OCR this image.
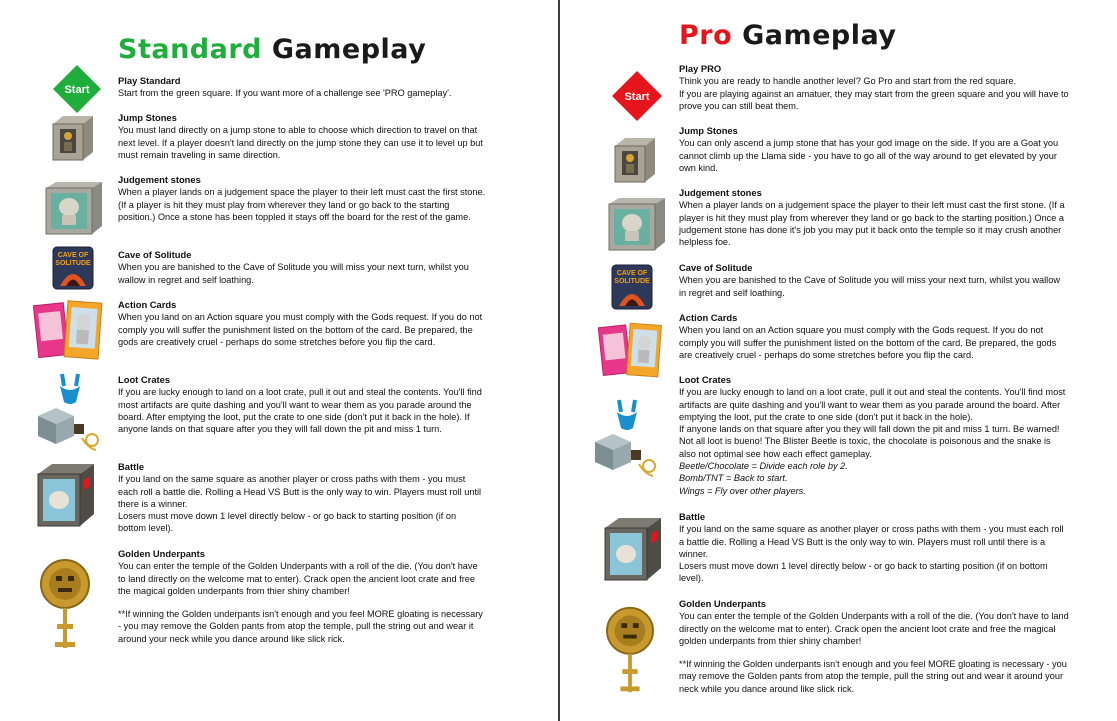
Standard Gameplay
Start
CAVE OF
SOLITUDE
Play Standard

Start from the green square. If you want more of a challenge see 'PRO gameplay'.

Jump Stones

You must land directly on a jump stone to able to choose which direction to travel on that next level. If a player doesn't land directly on the jump stone they can use it to level up but must remain traveling in same direction.

Judgement stones

When a player lands on a judgement space the player to their left must cast the first stone. (If a player is hit they must play from wherever they land or go back to the starting position.) Once a stone has been toppled it stays off the board for the rest of the game.

Cave of Solitude

When you are banished to the Cave of Solitude you will miss your next turn, whilst you wallow in regret and self loathing.

Action Cards

When you land on an Action square you must comply with the Gods request. If you do not comply you will suffer the punishment listed on the bottom of the card. Be prepared, the gods are creatively cruel - perhaps do some stretches before you flip the card.

Loot Crates

If you are lucky enough to land on a loot crate, pull it out and steal the contents. You'll find most artifacts are quite dashing and you'll want to wear them as you parade around the board. After emptying the loot, put the crate to one side (don't put it back in the hole). If anyone lands on that square after you they will fall down the pit and miss 1 turn.

Battle

If you land on the same square as another player or cross paths with them - you must each roll a battle die. Rolling a Head VS Butt is the only way to win. Players must roll until there is a winner.

Losers must move down 1 level directly below - or go back to starting position (if on bottom level).

Golden Underpants

You can enter the temple of the Golden Underpants with a roll of the die. (You don't have to land directly on the welcome mat to enter). Crack open the ancient loot crate and free the magical golden underpants from thier shiny chamber!

**If winning the Golden underpants isn't enough and you feel MORE gloating is necessary - you may remove the Golden pants from atop the temple, pull the string out and wear it around your neck while you dance around like slick rick.

Pro Gameplay
Start
CAVE OF
SOLITUDE
Play PRO

Think you are ready to handle another level? Go Pro and start from the red square.

If you are playing against an amatuer, they may start from the green square and you will have to prove you can still beat them.

Jump Stones

You can only ascend a jump stone that has your god image on the side. If you are a Goat you cannot climb up the Llama side - you have to go all of the way around to get elevated by your own kind.

Judgement stones

When a player lands on a judgement space the player to their left must cast the first stone. (If a player is hit they must play from wherever they land or go back to the starting position.) Once a judgement stone has done it's job you may put it back onto the temple so it may crush another helpless foe.

Cave of Solitude

When you are banished to the Cave of Solitude you will miss your next turn, whilst you wallow in regret and self loathing.

Action Cards

When you land on an Action square you must comply with the Gods request. If you do not comply you will suffer the punishment listed on the bottom of the card. Be prepared, the gods are creatively cruel - perhaps do some stretches before you flip the card.

Loot Crates

If you are lucky enough to land on a loot crate, pull it out and steal the contents. You'll find most artifacts are quite dashing and you'll want to wear them as you parade around the board. After emptying the loot, put the crate to one side (don't put it back in the hole).

If anyone lands on that square after you they will fall down the pit and miss 1 turn. Be warned! Not all loot is bueno! The Blister Beetle is toxic, the chocolate is poisonous and the snake is also not optimal see how each effect gameplay.

Beetle/Chocolate = Divide each role by 2.

Bomb/TNT = Back to start.

Wings = Fly over other players.

Battle

If you land on the same square as another player or cross paths with them - you must each roll a battle die. Rolling a Head VS Butt is the only way to win. Players must roll until there is a winner.

Losers must move down 1 level directly below - or go back to starting position (if on bottom level).

Golden Underpants

You can enter the temple of the Golden Underpants with a roll of the die. (You don't have to land directly on the welcome mat to enter). Crack open the ancient loot crate and free the magical golden underpants from thier shiny chamber!

**If winning the Golden underpants isn't enough and you feel MORE gloating is necessary - you may remove the Golden pants from atop the temple, pull the string out and wear it around your neck while you dance around like slick rick.
